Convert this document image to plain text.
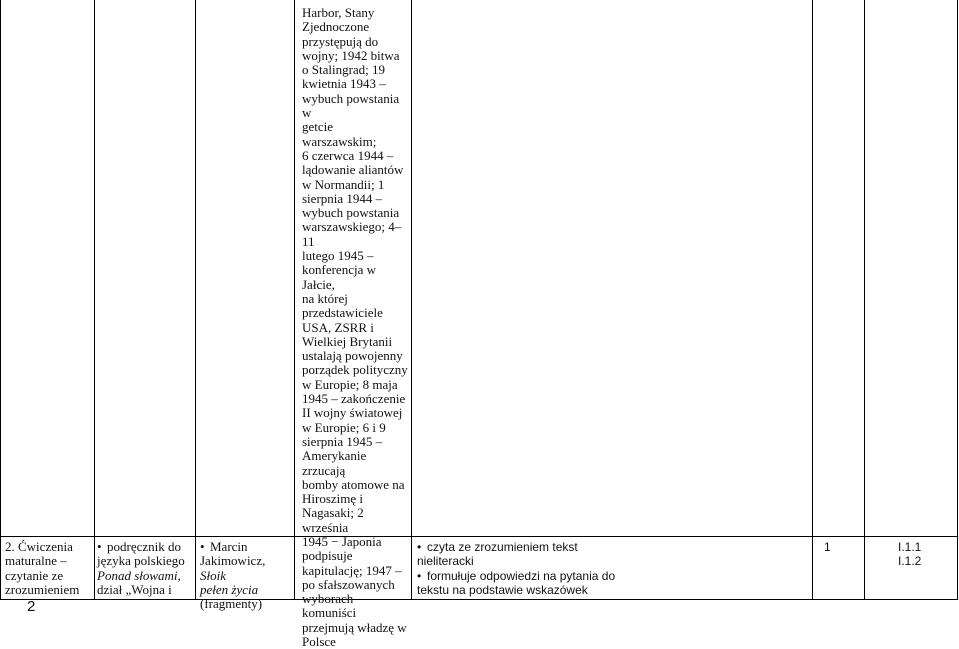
Harbor, Stany

Zjednoczone

przystępują do

wojny; 1942 bitwa

o Stalingrad; 19

kwietnia 1943 –

wybuch powstania w

getcie warszawskim;

6 czerwca 1944 –

lądowanie aliantów

w Normandii; 1

sierpnia 1944 –

wybuch powstania

warszawskiego; 4–11

lutego 1945 –

konferencja w Jałcie,

na której

przedstawiciele

USA, ZSRR i

Wielkiej Brytanii

ustalają powojenny

porządek polityczny

w Europie; 8 maja

1945 – zakończenie

II wojny światowej

w Europie; 6 i 9

sierpnia 1945 –

Amerykanie zrzucają

bomby atomowe na

Hiroszimę i

Nagasaki; 2 września

1945 − Japonia

podpisuje

kapitulację; 1947 –

po sfałszowanych

wyborach komuniści

przejmują władzę w

Polsce

2. Ćwiczenia

maturalne –

czytanie ze

zrozumieniem

• podręcznik do

języka polskiego

Ponad słowami,

dział „Wojna i

• Marcin

Jakimowicz, Słoik

pełen życia

(fragmenty)

• czyta ze zrozumieniem tekst

nieliteracki

• formułuje odpowiedzi na pytania do

tekstu na podstawie wskazówek

1	I.1.1

I.1.2

2
